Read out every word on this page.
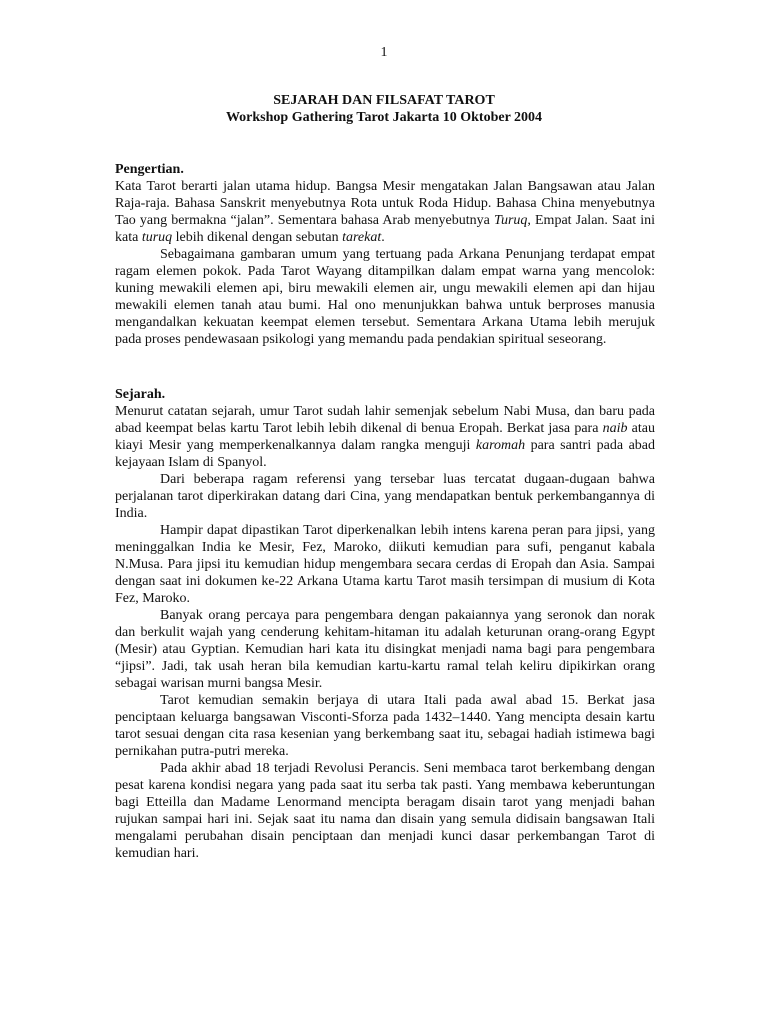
1
SEJARAH DAN FILSAFAT TAROT
Workshop Gathering Tarot Jakarta 10 Oktober 2004

Pengertian.

Kata Tarot berarti jalan utama hidup. Bangsa Mesir mengatakan Jalan Bangsawan atau Jalan Raja-raja. Bahasa Sanskrit menyebutnya Rota untuk Roda Hidup. Bahasa China menyebutnya Tao yang bermakna “jalan”. Sementara bahasa Arab menyebutnya Turuq, Empat Jalan. Saat ini kata turuq lebih dikenal dengan sebutan tarekat.

Sebagaimana gambaran umum yang tertuang pada Arkana Penunjang terdapat empat ragam elemen pokok. Pada Tarot Wayang ditampilkan dalam empat warna yang mencolok: kuning mewakili elemen api, biru mewakili elemen air, ungu mewakili elemen api dan hijau mewakili elemen tanah atau bumi. Hal ono menunjukkan bahwa untuk berproses manusia mengandalkan kekuatan keempat elemen tersebut. Sementara Arkana Utama lebih merujuk pada proses pendewasaan psikologi yang memandu pada pendakian spiritual seseorang.

Sejarah.

Menurut catatan sejarah, umur Tarot sudah lahir semenjak sebelum Nabi Musa, dan baru pada abad keempat belas kartu Tarot lebih lebih dikenal di benua Eropah. Berkat jasa para naib atau kiayi Mesir yang memperkenalkannya dalam rangka menguji karomah para santri pada abad kejayaan Islam di Spanyol.

Dari beberapa ragam referensi yang tersebar luas tercatat dugaan-dugaan bahwa perjalanan tarot diperkirakan datang dari Cina, yang mendapatkan bentuk perkembangannya di India.

Hampir dapat dipastikan Tarot diperkenalkan lebih intens karena peran para jipsi, yang meninggalkan India ke Mesir, Fez, Maroko, diikuti kemudian para sufi, penganut kabala N.Musa. Para jipsi itu kemudian hidup mengembara secara cerdas di Eropah dan Asia. Sampai dengan saat ini dokumen ke-22 Arkana Utama kartu Tarot masih tersimpan di musium di Kota Fez, Maroko.

Banyak orang percaya para pengembara dengan pakaiannya yang seronok dan norak dan berkulit wajah yang cenderung kehitam-hitaman itu adalah keturunan orang-orang Egypt (Mesir) atau Gyptian. Kemudian hari kata itu disingkat menjadi nama bagi para pengembara “jipsi”. Jadi, tak usah heran bila kemudian kartu-kartu ramal telah keliru dipikirkan orang sebagai warisan murni bangsa Mesir.

Tarot kemudian semakin berjaya di utara Itali pada awal abad 15. Berkat jasa penciptaan keluarga bangsawan Visconti-Sforza pada 1432–1440. Yang mencipta desain kartu tarot sesuai dengan cita rasa kesenian yang berkembang saat itu, sebagai hadiah istimewa bagi pernikahan putra-putri mereka.

Pada akhir abad 18 terjadi Revolusi Perancis. Seni membaca tarot berkembang dengan pesat karena kondisi negara yang pada saat itu serba tak pasti. Yang membawa keberuntungan bagi Etteilla dan Madame Lenormand mencipta beragam disain tarot yang menjadi bahan rujukan sampai hari ini. Sejak saat itu nama dan disain yang semula didisain bangsawan Itali mengalami perubahan disain penciptaan dan menjadi kunci dasar perkembangan Tarot di kemudian hari.
